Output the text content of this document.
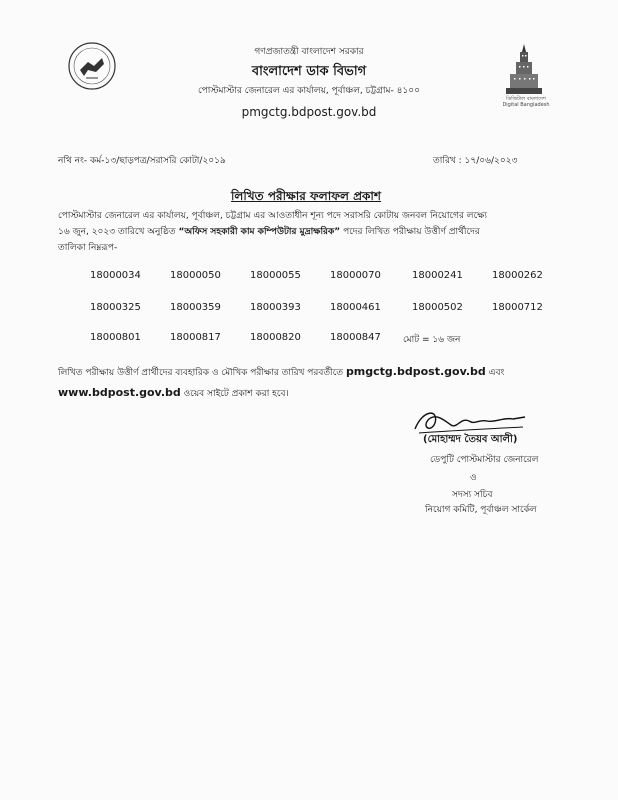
ডিজিটাল বাংলাদেশ
Digital Bangladesh
গণপ্রজাতন্ত্রী বাংলাদেশ সরকার
বাংলাদেশ ডাক বিভাগ
পোস্টমাস্টার জেনারেল এর কার্যালয়, পূর্বাঞ্চল, চট্টগ্রাম- ৪১০০
pmgctg.bdpost.gov.bd
নথি নং- কর্ম-১৩/ছাড়পত্র/সরাসরি কোটা/২০১৯	তারিখ : ১৭/০৬/২০২৩
লিখিত পরীক্ষার ফলাফল প্রকাশ
পোস্টমাস্টার জেনারেল এর কার্যালয়, পূর্বাঞ্চল, চট্টগ্রাম এর আওতাধীন শূন্য পদে সরাসরি কোটায় জনবল নিয়োগের লক্ষ্যে
১৬ জুন, ২০২৩ তারিখে অনুষ্ঠিত “অফিস সহকারী কাম কম্পিউটার মুদ্রাক্ষরিক” পদের লিখিত পরীক্ষায় উত্তীর্ণ প্রার্থীদের
তালিকা নিম্নরূপ-
18000034	18000050	18000055	18000070	18000241	18000262
18000325	18000359	18000393	18000461	18000502	18000712
18000801	18000817	18000820	18000847 মোট = ১৬ জন
লিখিত পরীক্ষায় উত্তীর্ণ প্রার্থীদের ব্যবহারিক ও মৌখিক পরীক্ষার তারিখ পরবর্তীতে pmgctg.bdpost.gov.bd এবং
www.bdpost.gov.bd ওয়েব সাইটে প্রকাশ করা হবে।
(মোহাম্মদ তৈয়ব আলী)
ডেপুটি পোস্টমাস্টার জেনারেল
ও
সদস্য সচিব
নিয়োগ কমিটি, পূর্বাঞ্চল সার্কেল
